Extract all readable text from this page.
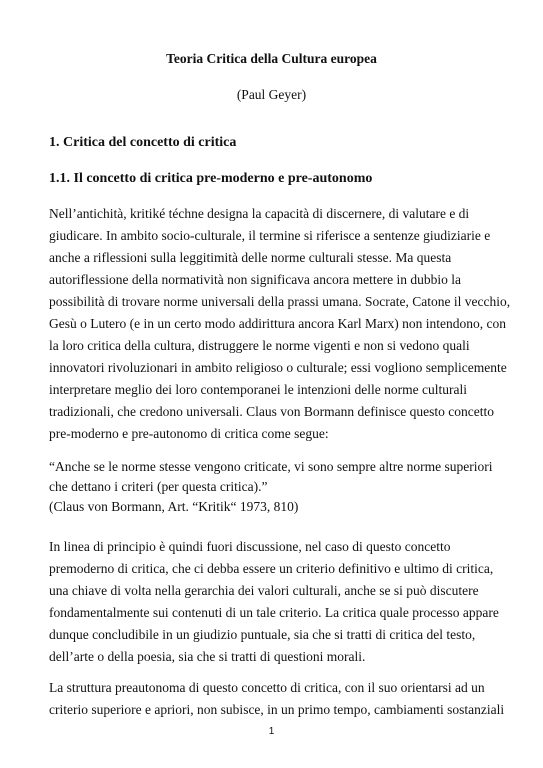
Teoria Critica della Cultura europea
(Paul Geyer)
1. Critica del concetto di critica
1.1. Il concetto di critica pre-moderno e pre-autonomo
Nell’antichità, kritiké téchne designa la capacità di discernere, di valutare e di
giudicare. In ambito socio-culturale, il termine si riferisce a sentenze giudiziarie e
anche a riflessioni sulla leggitimità delle norme culturali stesse. Ma questa
autoriflessione della normatività non significava ancora mettere in dubbio la
possibilità di trovare norme universali della prassi umana. Socrate, Catone il vecchio,
Gesù o Lutero (e in un certo modo addirittura ancora Karl Marx) non intendono, con
la loro critica della cultura, distruggere le norme vigenti e non si vedono quali
innovatori rivoluzionari in ambito religioso o culturale; essi vogliono semplicemente
interpretare meglio dei loro contemporanei le intenzioni delle norme culturali
tradizionali, che credono universali. Claus von Bormann definisce questo concetto
pre-moderno e pre-autonomo di critica come segue:
“Anche se le norme stesse vengono criticate, vi sono sempre altre norme superiori
che dettano i criteri (per questa critica).”
(Claus von Bormann, Art. “Kritik“ 1973, 810)
In linea di principio è quindi fuori discussione, nel caso di questo concetto
premoderno di critica, che ci debba essere un criterio definitivo e ultimo di critica,
una chiave di volta nella gerarchia dei valori culturali, anche se si può discutere
fondamentalmente sui contenuti di un tale criterio. La critica quale processo appare
dunque concludibile in un giudizio puntuale, sia che si tratti di critica del testo,
dell’arte o della poesia, sia che si tratti di questioni morali.
La struttura preautonoma di questo concetto di critica, con il suo orientarsi ad un
criterio superiore e apriori, non subisce, in un primo tempo, cambiamenti sostanziali
1
